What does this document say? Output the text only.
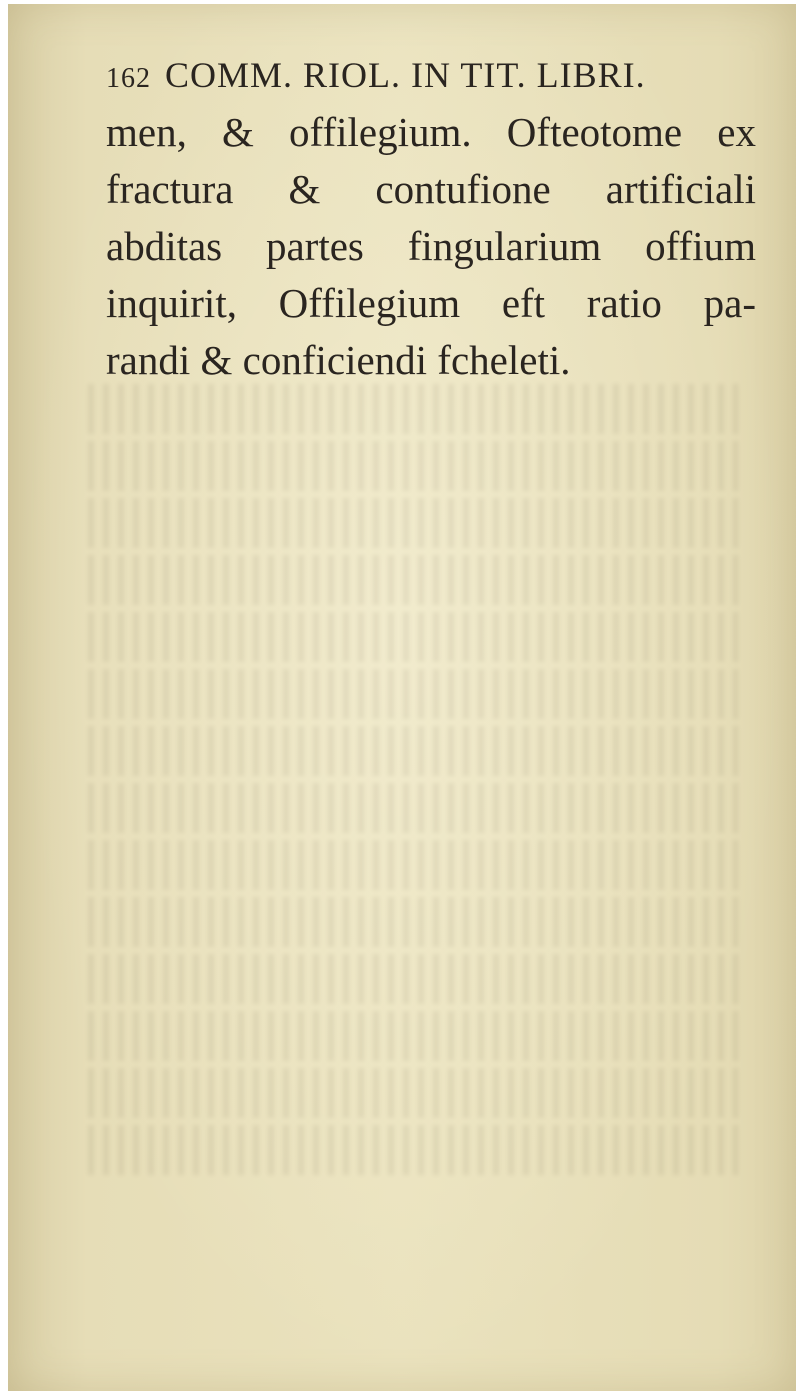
162 COMM. RIOL. IN TIT. LIBRI.
men, & offilegium. Ofteotome ex
fractura & contufione artificiali
abditas partes fingularium offium
inquirit, Offilegium eft ratio pa-
randi & conficiendi fcheleti.
